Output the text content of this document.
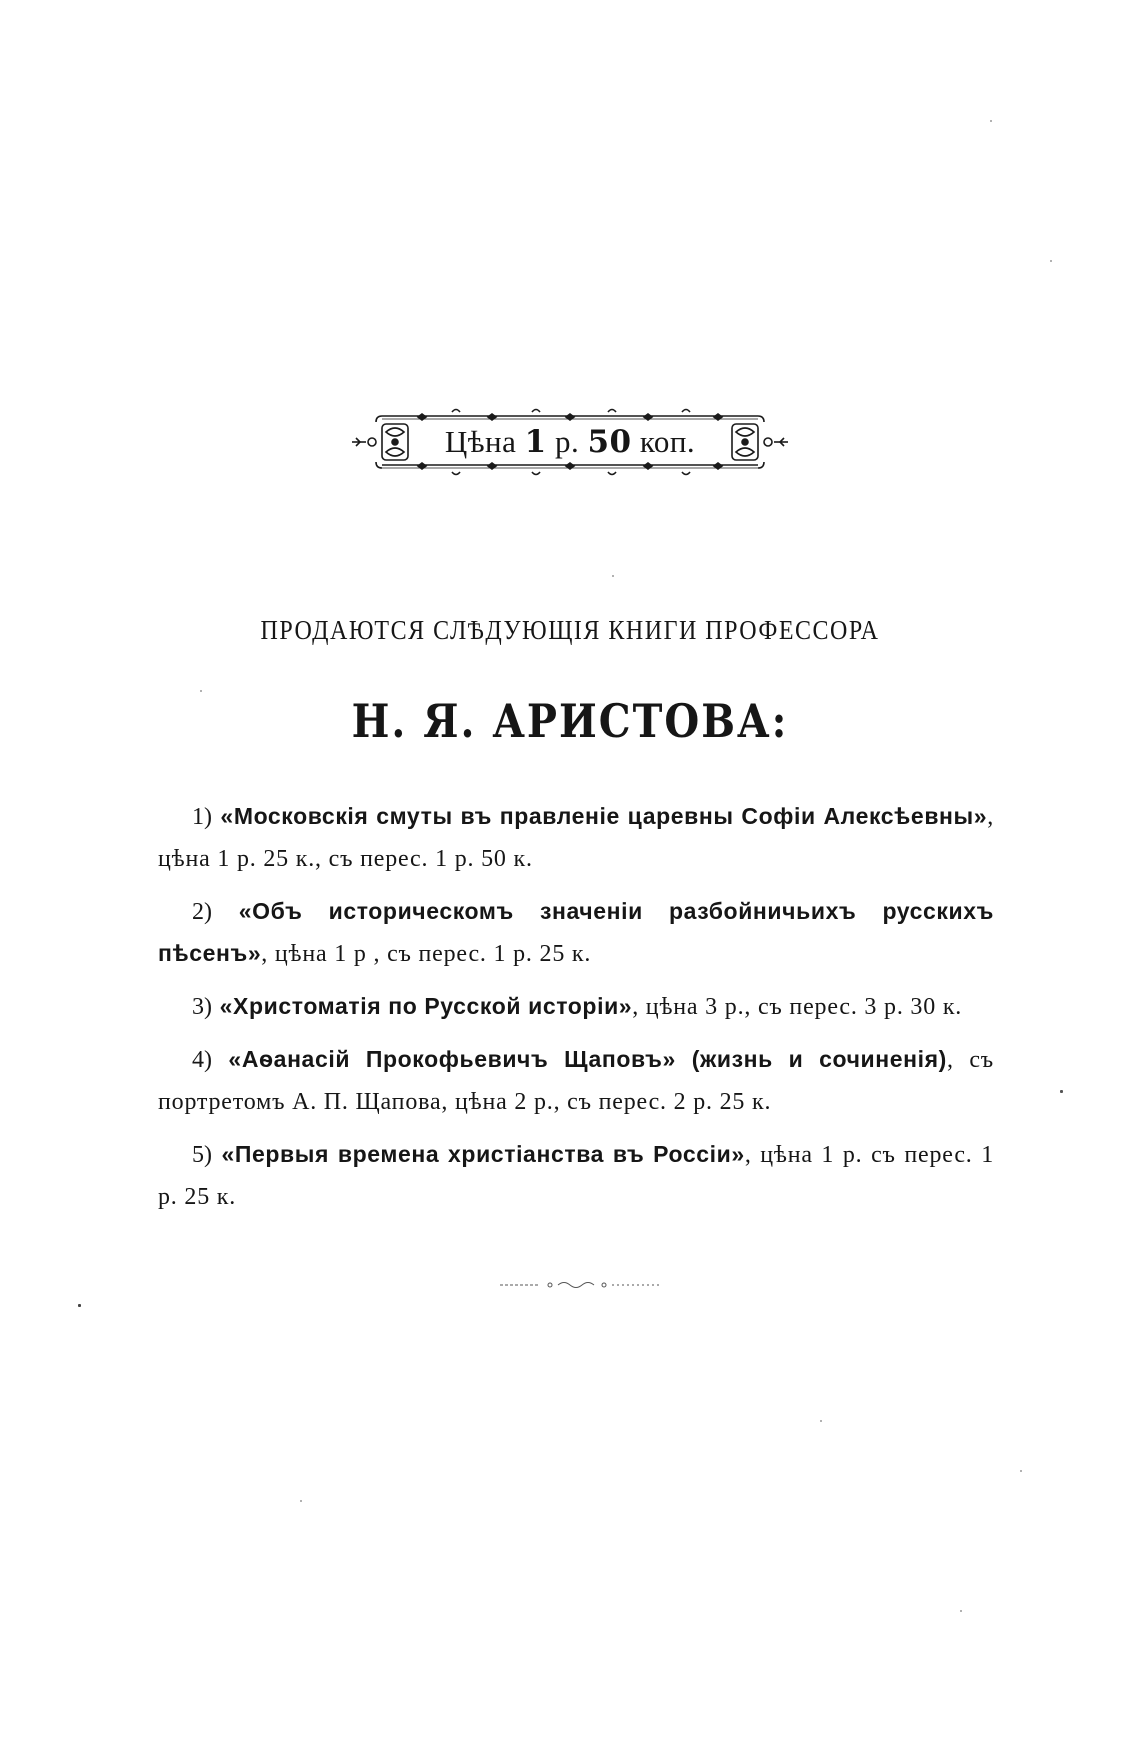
Цѣна 1 р. 50 коп.
ПРОДАЮТСЯ СЛѢДУЮЩІЯ КНИГИ ПРОФЕССОРА
Н. Я. АРИСТОВА:
1) «Московскія смуты въ правленіе царевны Софіи Алексѣевны», цѣна 1 р. 25 к., съ перес. 1 р. 50 к.
2) «Объ историческомъ значеніи разбойничьихъ русскихъ пѣсенъ», цѣна 1 р , съ перес. 1 р. 25 к.
3) «Христоматія по Русской исторіи», цѣна 3 р., съ перес. 3 р. 30 к.
4) «Аѳанасій Прокофьевичъ Щаповъ» (жизнь и сочиненія), съ портретомъ А. П. Щапова, цѣна 2 р., съ перес. 2 р. 25 к.
5) «Первыя времена христіанства въ Россіи», цѣна 1 р. съ перес. 1 р. 25 к.
